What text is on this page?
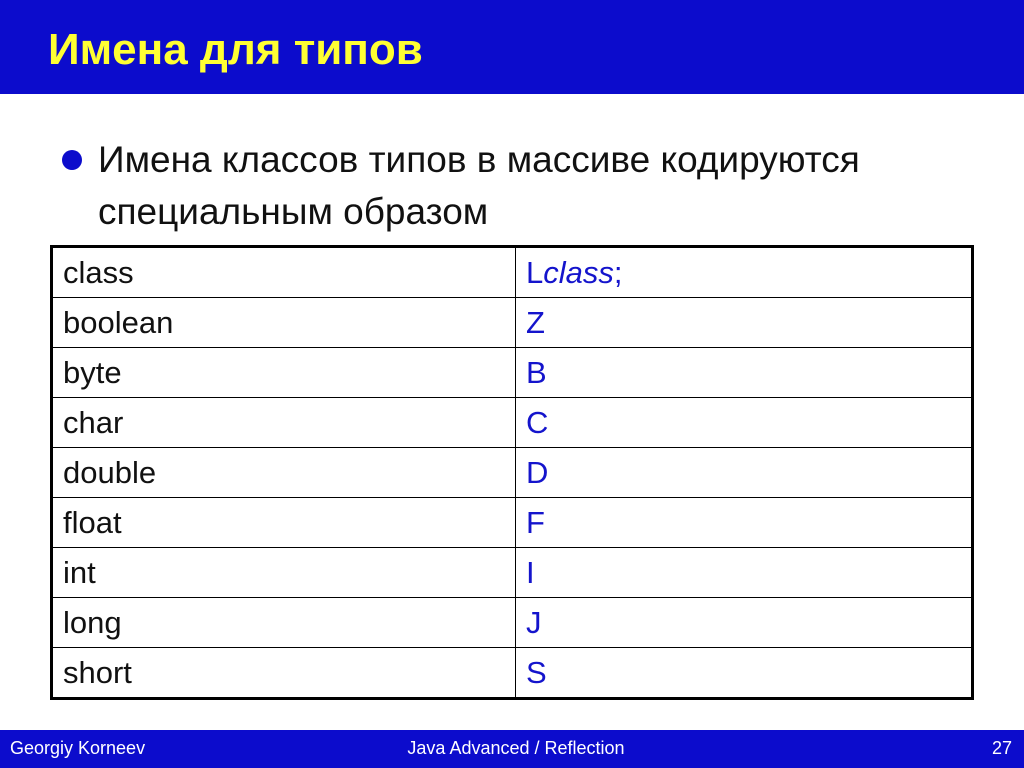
Имена для типов
Имена классов типов в массиве кодируются специальным образом
class	Lclass;
boolean	Z
byte	B
char	C
double	D
float	F
int	I
long	J
short	S
Georgiy Korneev	Java Advanced / Reflection	27
